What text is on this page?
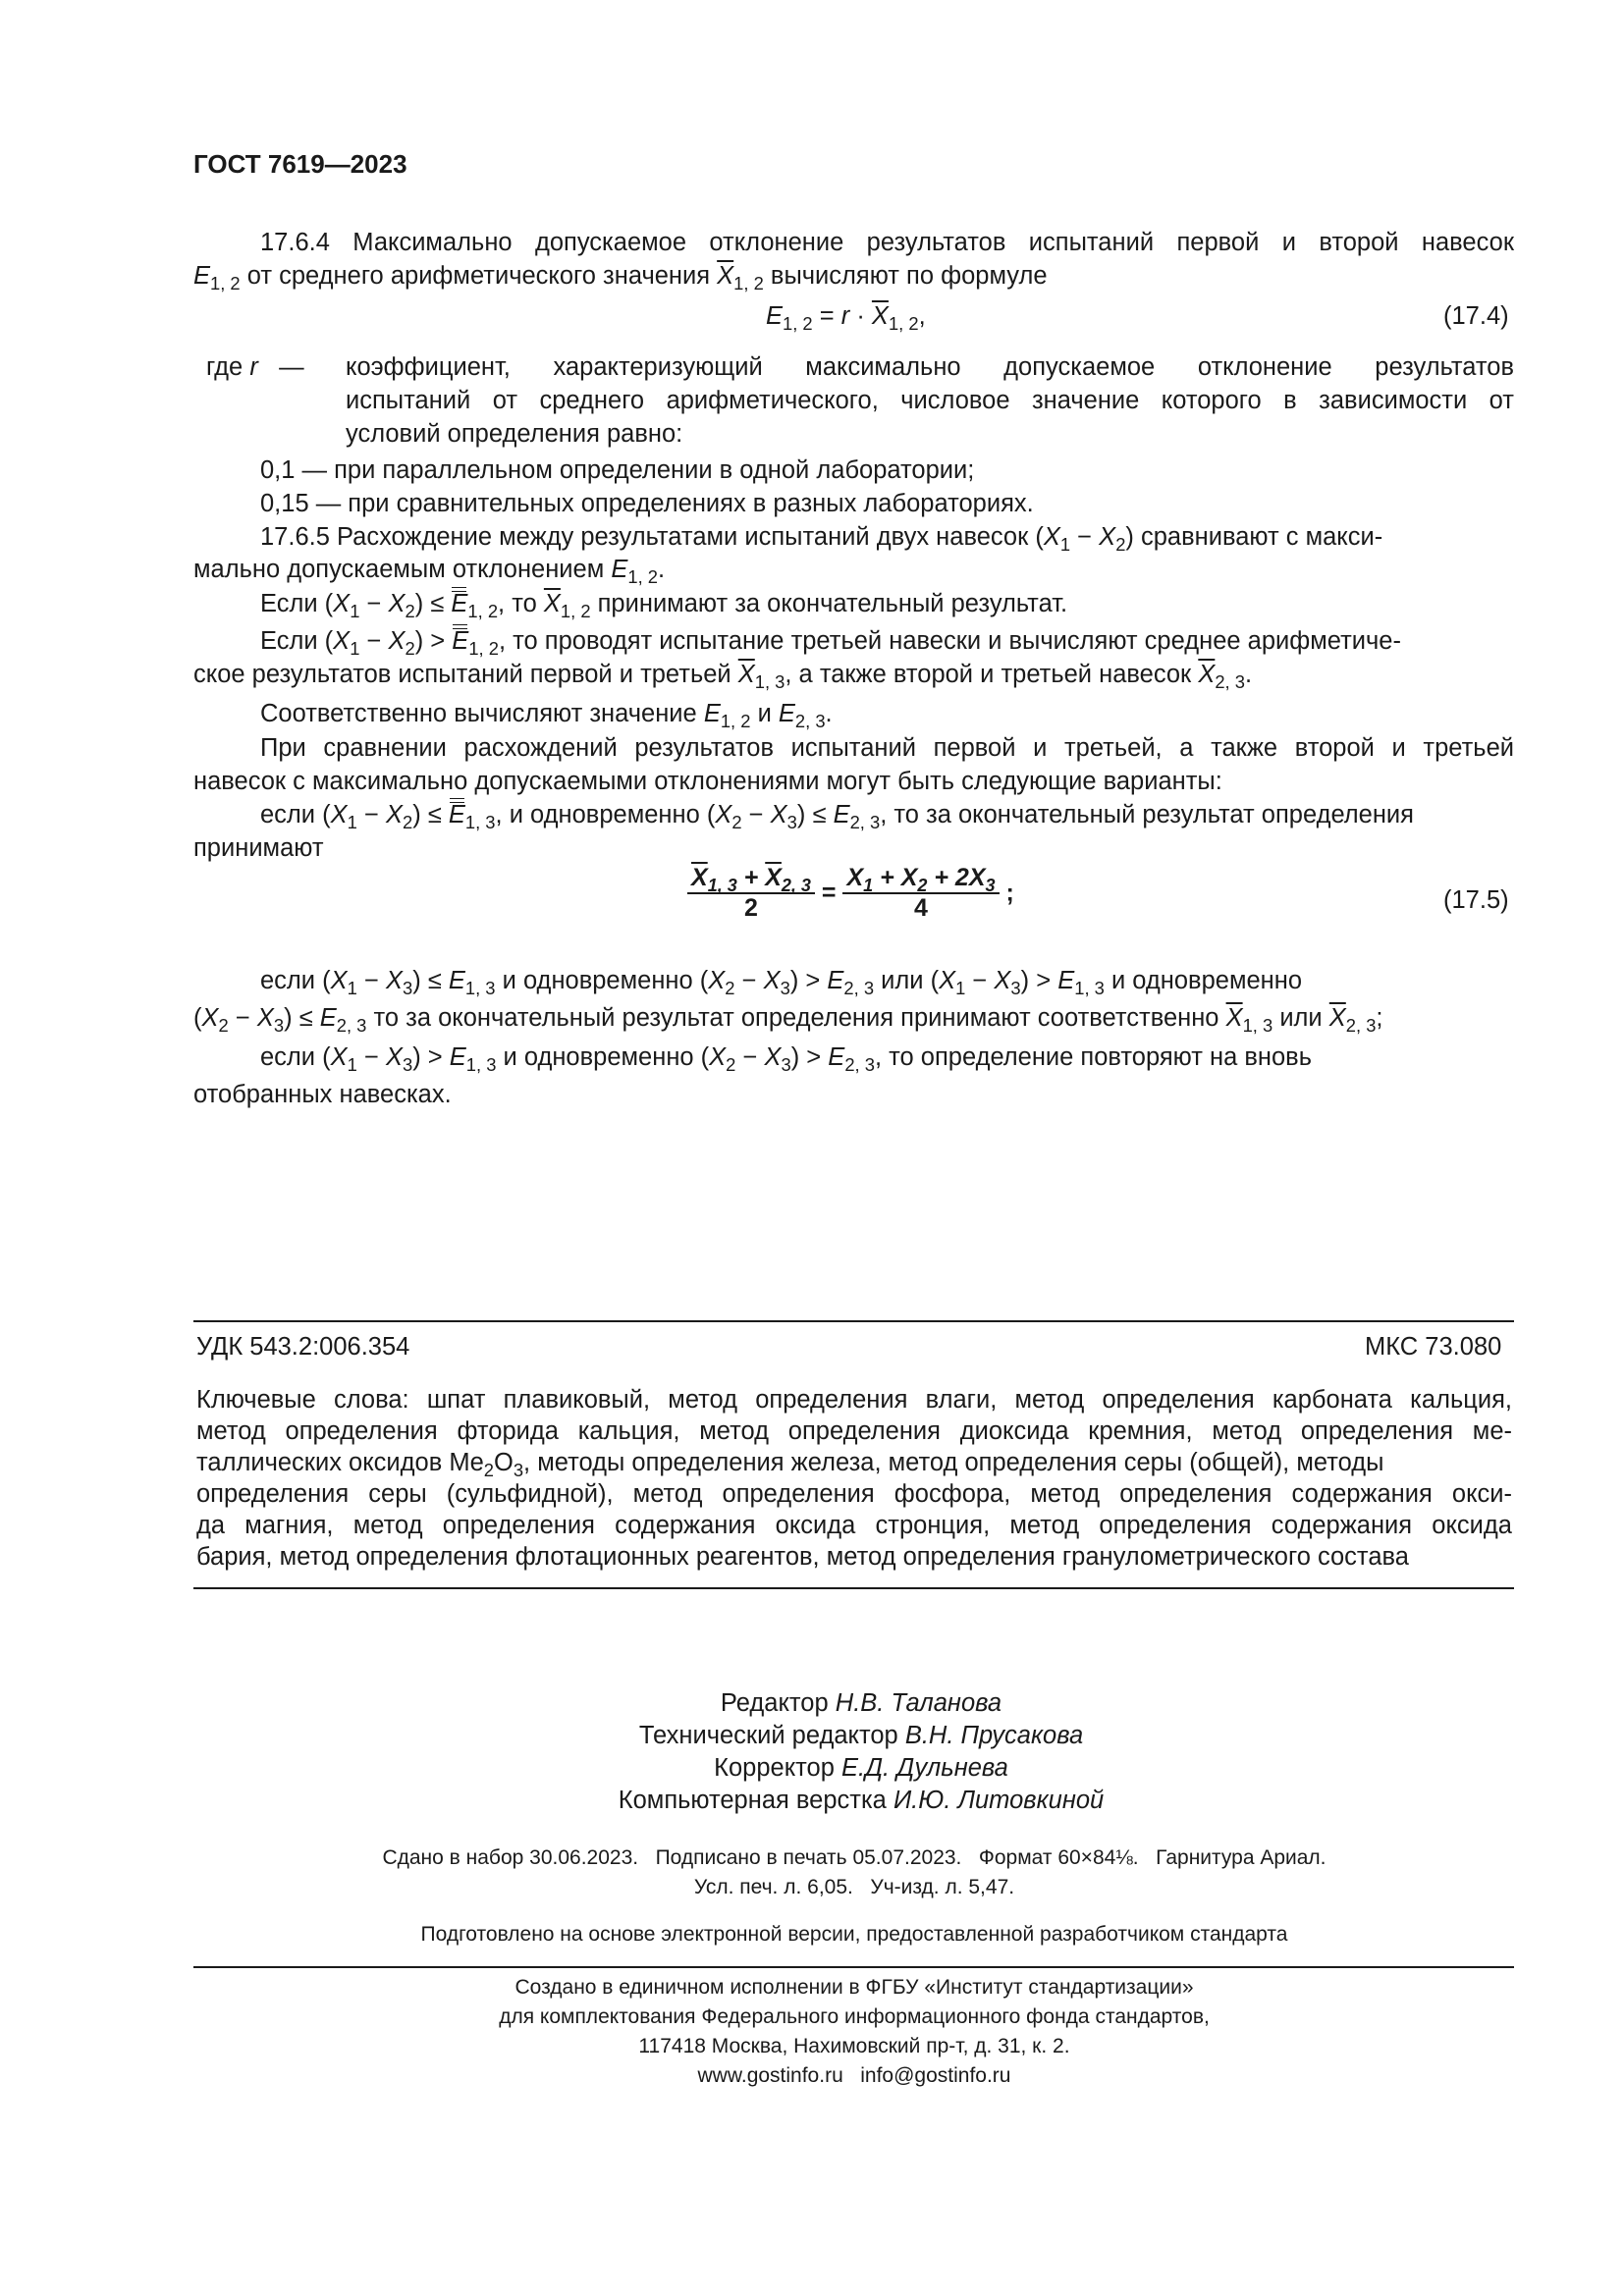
ГОСТ 7619—2023
17.6.4 Максимально допускаемое отклонение результатов испытаний первой и второй навесок
$E_{1, 2}$ от среднего арифметического значения $\overline{X}_{1, 2}$ вычисляют по формуле
$E_{1, 2} = r \cdot \overline{X}_{1, 2}$,	(17.4)
где r — коэффициент, характеризующий максимально допускаемое отклонение результатов
испытаний от среднего арифметического, числовое значение которого в зависимости от
условий определения равно:
0,1 — при параллельном определении в одной лаборатории;
0,15 — при сравнительных определениях в разных лабораториях.
17.6.5 Расхождение между результатами испытаний двух навесок $(X_1 - X_2)$ сравнивают с макси-
мально допускаемым отклонением $E_{1, 2}$.
Если $(X_1 - X_2) \le E_{1, 2}$, то $\overline{X}_{1, 2}$ принимают за окончательный результат.
Если $(X_1 - X_2) > E_{1, 2}$, то проводят испытание третьей навески и вычисляют среднее арифметиче-
ское результатов испытаний первой и третьей $\overline{X}_{1, 3}$, а также второй и третьей навесок $\overline{X}_{2, 3}$.
Соответственно вычисляют значение $E_{1, 2}$ и $E_{2, 3}$.
При сравнении расхождений результатов испытаний первой и третьей, а также второй и третьей
навесок с максимально допускаемыми отклонениями могут быть следующие варианты:
если $(X_1 - X_2) \le E_{1, 3}$, и одновременно $(X_2 - X_3) \le E_{2, 3}$, то за окончательный результат определения
принимают
$\frac{\overline{X}_{1, 3} + \overline{X}_{2, 3}}{2} = \frac{X_1 + X_2 + 2X_3}{4}$ ;	(17.5)
если $(X_1 - X_3) \le E_{1, 3}$ и одновременно $(X_2 - X_3) > E_{2, 3}$ или $(X_1 - X_3) > E_{1, 3}$ и одновременно
$(X_2 - X_3) \le E_{2, 3}$ то за окончательный результат определения принимают соответственно $\overline{X}_{1, 3}$ или $\overline{X}_{2, 3}$;
если $(X_1 - X_3) > E_{1, 3}$ и одновременно $(X_2 - X_3) > E_{2, 3}$, то определение повторяют на вновь
отобранных навесках.
УДК 543.2:006.354	МКС 73.080
Ключевые слова: шпат плавиковый, метод определения влаги, метод определения карбоната кальция,
метод определения фторида кальция, метод определения диоксида кремния, метод определения ме-
таллических оксидов $Me_2O_3$, методы определения железа, метод определения серы (общей), методы
определения серы (сульфидной), метод определения фосфора, метод определения содержания окси-
да магния, метод определения содержания оксида стронция, метод определения содержания оксида
бария, метод определения флотационных реагентов, метод определения гранулометрического состава
Редактор Н.В. Таланова
Технический редактор В.Н. Прусакова
Корректор Е.Д. Дульнева
Компьютерная верстка И.Ю. Литовкиной
Сдано в набор 30.06.2023.   Подписано в печать 05.07.2023.   Формат 60×84⅛.   Гарнитура Ариал.
Усл. печ. л. 6,05.   Уч-изд. л. 5,47.
Подготовлено на основе электронной версии, предоставленной разработчиком стандарта
Создано в единичном исполнении в ФГБУ «Институт стандартизации»
для комплектования Федерального информационного фонда стандартов,
117418 Москва, Нахимовский пр-т, д. 31, к. 2.
www.gostinfo.ru   info@gostinfo.ru
